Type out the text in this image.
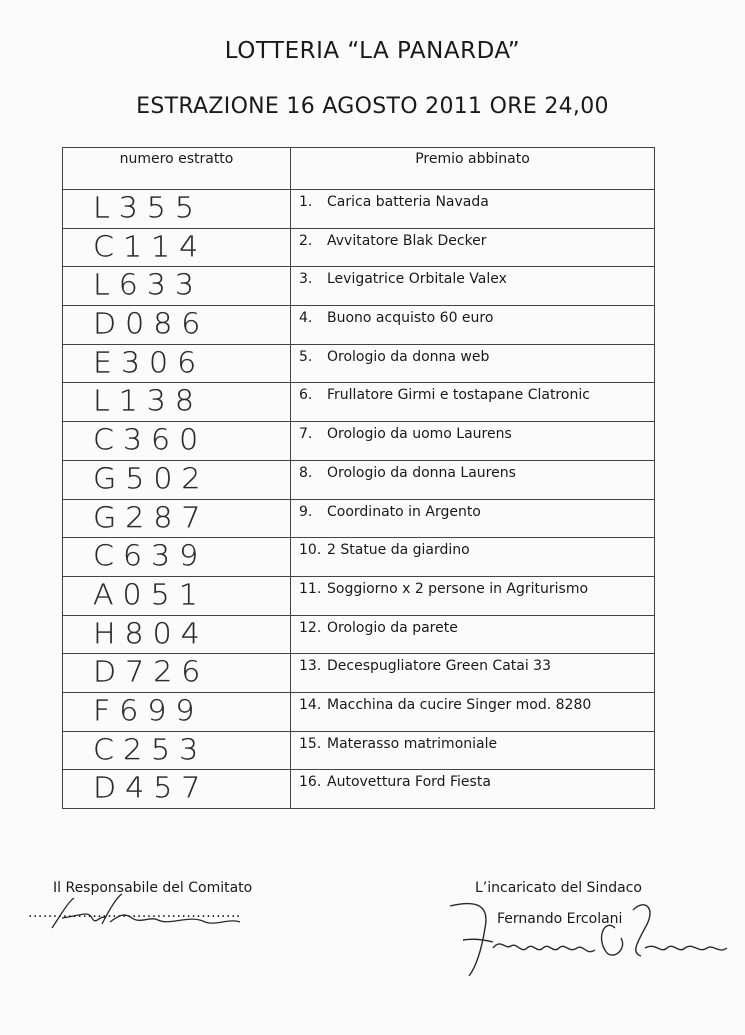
LOTTERIA “LA PANARDA”
ESTRAZIONE 16 AGOSTO 2011 ORE 24,00
numero estratto	Premio abbinato

L355	1. Carica batteria Navada

C114	2. Avvitatore Blak Decker

L633	3. Levigatrice Orbitale Valex

D086	4. Buono acquisto 60 euro

E306	5. Orologio da donna web

L138	6. Frullatore Girmi e tostapane Clatronic

C360	7. Orologio da uomo Laurens

G502	8. Orologio da donna Laurens

G287	9. Coordinato in Argento

C639	10. 2 Statue da giardino

A051	11. Soggiorno x 2 persone in Agriturismo

H804	12. Orologio da parete

D726	13. Decespugliatore Green Catai 33

F699	14. Macchina da cucire Singer mod. 8280

C253	15. Materasso matrimoniale

D457	16. Autovettura Ford Fiesta
Il Responsabile del Comitato
...........................................
L’incaricato del Sindaco
Fernando Ercolani
